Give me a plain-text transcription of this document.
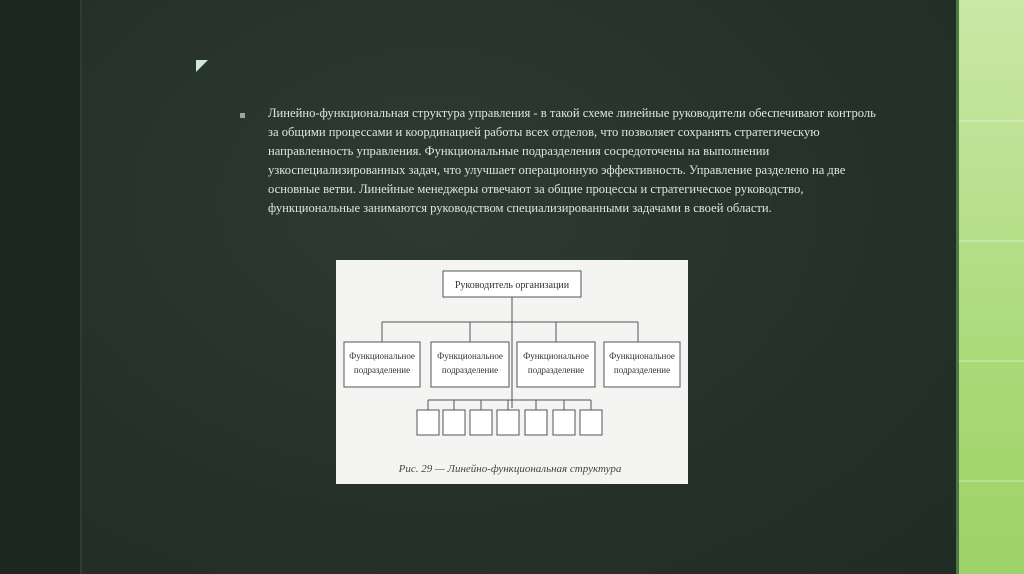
Линейно-функциональная структура управления - в такой схеме линейные руководители обеспечивают контроль за общими процессами и координацией работы всех отделов, что позволяет сохранять стратегическую направленность управления. Функциональные подразделения сосредоточены на выполнении узкоспециализированных задач, что улучшает операционную эффективность. Управление разделено на две основные ветви. Линейные менеджеры отвечают за общие процессы и стратегическое руководство, функциональные занимаются руководством специализированными задачами в своей области.
Руководитель организации
Функциональное
подразделение
Функциональное
подразделение
Функциональное
подразделение
Функциональное
подразделение
Рис. 29 — Линейно-функциональная структура
